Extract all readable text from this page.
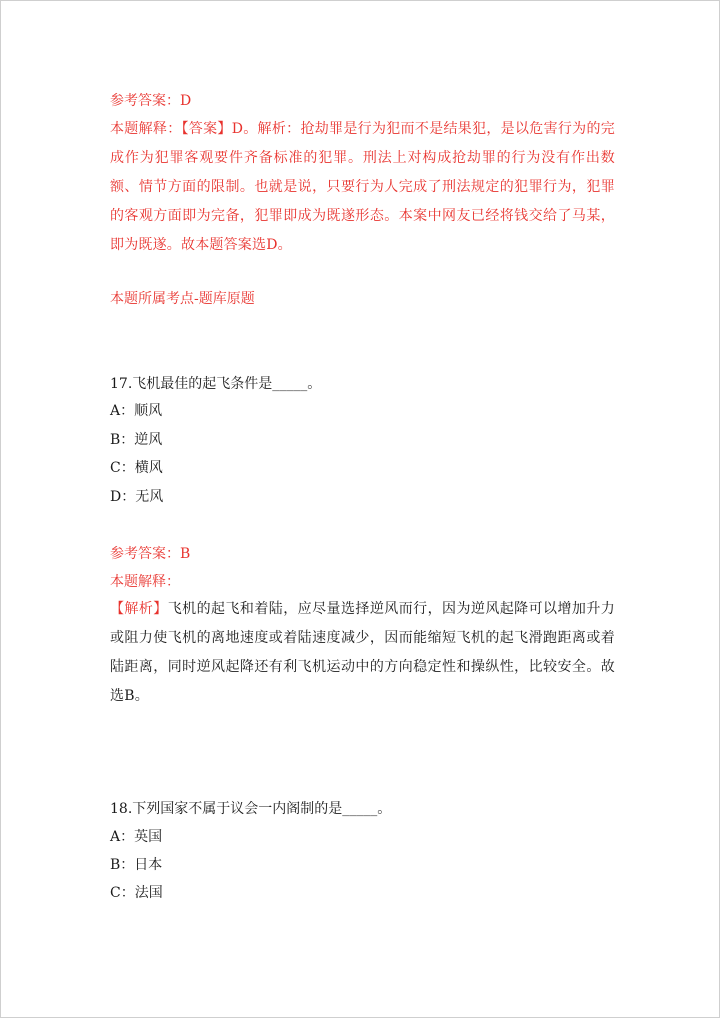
参考答案：D
本题解释：【答案】D。解析：抢劫罪是行为犯而不是结果犯，是以危害行为的完成作为犯罪客观要件齐备标准的犯罪。刑法上对构成抢劫罪的行为没有作出数额、情节方面的限制。也就是说，只要行为人完成了刑法规定的犯罪行为，犯罪的客观方面即为完备，犯罪即成为既遂形态。本案中网友已经将钱交给了马某，即为既遂。故本题答案选D。
本题所属考点-题库原题
17.飞机最佳的起飞条件是_____。
A：顺风
B：逆风
C：横风
D：无风
参考答案：B
本题解释：
【解析】飞机的起飞和着陆，应尽量选择逆风而行，因为逆风起降可以增加升力或阻力使飞机的离地速度或着陆速度减少，因而能缩短飞机的起飞滑跑距离或着陆距离，同时逆风起降还有利飞机运动中的方向稳定性和操纵性，比较安全。故选B。
18.下列国家不属于议会一内阁制的是_____。
A：英国
B：日本
C：法国
